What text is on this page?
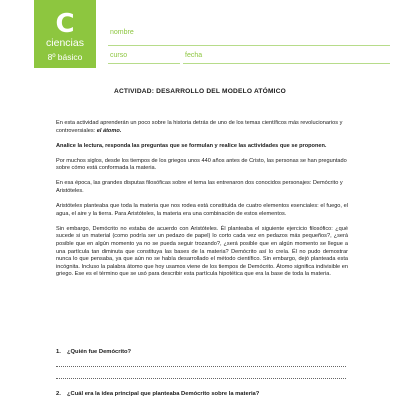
C
ciencias
8º básico
nombre
curso	fecha
ACTIVIDAD: DESARROLLO DEL MODELO ATÓMICO

En esta actividad aprenderán un poco sobre la historia detrás de uno de los temas científicos más revolucionarios y controversiales: el átomo.

Analice la lectura, responda las preguntas que se formulan y realice las actividades que se proponen.

Por muchos siglos, desde los tiempos de los griegos unos 440 años antes de Cristo, las personas se han preguntado sobre cómo está conformada la materia.

En esa época, las grandes disputas filosóficas sobre el tema las entrenaron dos conocidos personajes: Demócrito y Aristóteles.

Aristóteles planteaba que toda la materia que nos rodea está constituida de cuatro elementos esenciales: el fuego, el agua, el aire y la tierra. Para Aristóteles, la materia era una combinación de estos elementos.

Sin embargo, Demócrito no estaba de acuerdo con Aristóteles. Él planteaba el siguiente ejercicio filosófico: ¿qué sucede si un material (como podría ser un pedazo de papel) lo corto cada vez en pedazos más pequeños?, ¿será posible que en algún momento ya no se pueda seguir trozando?, ¿será posible que en algún momento se llegue a una partícula tan diminuta que constituya las bases de la materia? Demócrito así lo creía. Él no pudo demostrar nunca lo que pensaba, ya que aún no se había desarrollado el método científico. Sin embargo, dejó planteada esta incógnita. Incluso la palabra átomo que hoy usamos viene de los tiempos de Demócrito. Átomo significa indivisible en griego. Ese es el término que se usó para describir esta partícula hipotética que era la base de toda la materia.

1. ¿Quién fue Demócrito?
2. ¿Cuál era la idea principal que planteaba Demócrito sobre la materia?
